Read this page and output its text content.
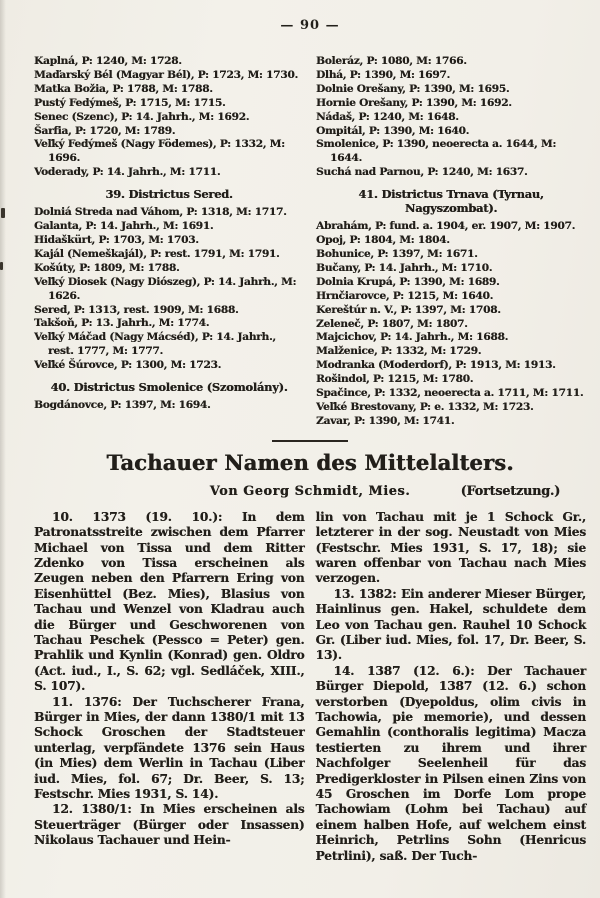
— 90 —

Kaplná, P: 1240, M: 1728.

Maďarský Bél (Magyar Bél), P: 1723, M: 1730.

Matka Božia, P: 1788, M: 1788.

Pustý Fedýmeš, P: 1715, M: 1715.

Senec (Szenc), P: 14. Jahrh., M: 1692.

Šarfia, P: 1720, M: 1789.

Veľký Fedýmeš (Nagy Födemes), P: 1332, M: 1696.

Voderady, P: 14. Jahrh., M: 1711.

39. Districtus Sered.

Dolniá Streda nad Váhom, P: 1318, M: 1717.

Galanta, P: 14. Jahrh., M: 1691.

Hidaškürt, P: 1703, M: 1703.

Kajál (Nemeškajál), P: rest. 1791, M: 1791.

Košúty, P: 1809, M: 1788.

Veľký Diosek (Nagy Diószeg), P: 14. Jahrh., M: 1626.

Sered, P: 1313, rest. 1909, M: 1688.

Takšoň, P: 13. Jahrh., M: 1774.

Veľký Máčad (Nagy Mácséd), P: 14. Jahrh., rest. 1777, M: 1777.

Veľké Šúrovce, P: 1300, M: 1723.

40. Districtus Smolenice (Szomolány).

Bogdánovce, P: 1397, M: 1694.

Boleráz, P: 1080, M: 1766.

Dlhá, P: 1390, M: 1697.

Dolnie Orešany, P: 1390, M: 1695.

Hornie Orešany, P: 1390, M: 1692.

Nádaš, P: 1240, M: 1648.

Ompitál, P: 1390, M: 1640.

Smolenice, P: 1390, neoerecta a. 1644, M: 1644.

Suchá nad Parnou, P: 1240, M: 1637.

41. Districtus Trnava (Tyrnau, Nagyszombat).

Abrahám, P: fund. a. 1904, er. 1907, M: 1907.

Opoj, P: 1804, M: 1804.

Bohunice, P: 1397, M: 1671.

Bučany, P: 14. Jahrh., M: 1710.

Dolnia Krupá, P: 1390, M: 1689.

Hrnčiarovce, P: 1215, M: 1640.

Kereštúr n. V., P: 1397, M: 1708.

Zeleneč, P: 1807, M: 1807.

Majcichov, P: 14. Jahrh., M: 1688.

Malženice, P: 1332, M: 1729.

Modranka (Moderdorf), P: 1913, M: 1913.

Rošindol, P: 1215, M: 1780.

Spačince, P: 1332, neoerecta a. 1711, M: 1711.

Veľké Brestovany, P: e. 1332, M: 1723.

Zavar, P: 1390, M: 1741.

Tachauer Namen des Mittelalters.
Von Georg Schmidt, Mies.	(Fortsetzung.)

10. 1373 (19. 10.): In dem Patronatsstreite zwischen dem Pfarrer Michael von Tissa und dem Ritter Zdenko von Tissa erscheinen als Zeugen neben den Pfarrern Ering von Eisenhüttel (Bez. Mies), Blasius von Tachau und Wenzel von Kladrau auch die Bürger und Geschworenen von Tachau Peschek (Pessco = Peter) gen. Prahlik und Kynlin (Konrad) gen. Oldro (Act. iud., I., S. 62; vgl. Sedláček, XIII., S. 107).

11. 1376: Der Tuchscherer Frana, Bürger in Mies, der dann 1380/1 mit 13 Schock Groschen der Stadtsteuer unterlag, verpfändete 1376 sein Haus (in Mies) dem Werlin in Tachau (Liber iud. Mies, fol. 67; Dr. Beer, S. 13; Festschr. Mies 1931, S. 14).

12. 1380/1: In Mies erscheinen als Steuerträger (Bürger oder Insassen) Nikolaus Tachauer und Hein-

lin von Tachau mit je 1 Schock Gr., letzterer in der sog. Neustadt von Mies (Festschr. Mies 1931, S. 17, 18); sie waren offenbar von Tachau nach Mies verzogen.

13. 1382: Ein anderer Mieser Bürger, Hainlinus gen. Hakel, schuldete dem Leo von Tachau gen. Rauhel 10 Schock Gr. (Liber iud. Mies, fol. 17, Dr. Beer, S. 13).

14. 1387 (12. 6.): Der Tachauer Bürger Diepold, 1387 (12. 6.) schon verstorben (Dyepoldus, olim civis in Tachowia, pie memorie), und dessen Gemahlin (conthoralis legitima) Macza testierten zu ihrem und ihrer Nachfolger Seelenheil für das Predigerkloster in Pilsen einen Zins von 45 Groschen im Dorfe Lom prope Tachowiam (Lohm bei Tachau) auf einem halben Hofe, auf welchem einst Heinrich, Petrlins Sohn (Henricus Petrlini), saß. Der Tuch-
